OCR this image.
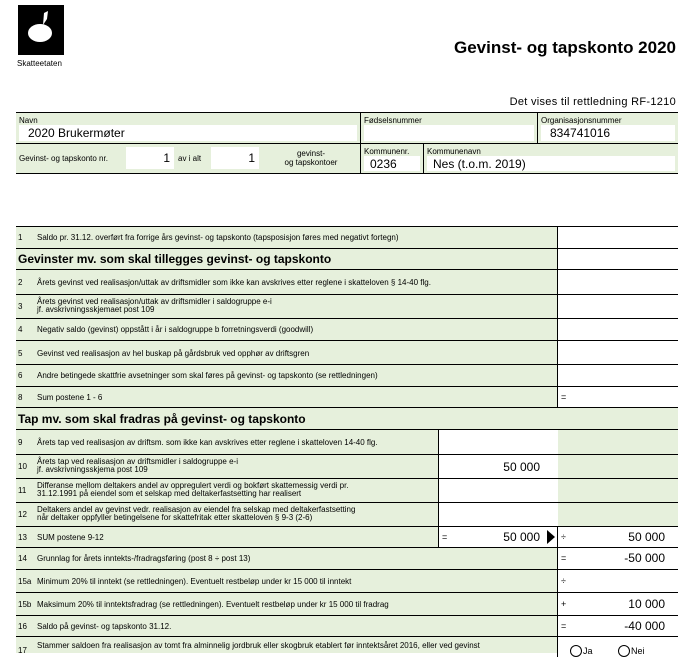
Skatteetaten
Gevinst- og tapskonto 2020
Det vises til rettledning RF-1210
Navn
2020 Brukermøter
Fødselsnummer	Organisasjonsnummer
834741016
Gevinst- og tapskonto nr.	1 av i alt	1	gevinst-
og tapskontoer
Kommunenr.
0236
Kommunenavn
Nes (t.o.m. 2019)
1 Saldo pr. 31.12. overført fra forrige års gevinst- og tapskonto (tapsposisjon føres med negativt fortegn)
Gevinster mv. som skal tillegges gevinst- og tapskonto
2 Årets gevinst ved realisasjon/uttak av driftsmidler som ikke kan avskrives etter reglene i skatteloven § 14-40 flg.
3
Årets gevinst ved realisasjon/uttak av driftsmidler i saldogruppe e-i
jf. avskrivningsskjemaet post 109
4 Negativ saldo (gevinst) oppstått i år i saldogruppe b forretningsverdi (goodwill)
5 Gevinst ved realisasjon av hel buskap på gårdsbruk ved opphør av driftsgren
6 Andre betingede skattfrie avsetninger som skal føres på gevinst- og tapskonto (se rettledningen)
8 Sum postene 1 - 6	=
Tap mv. som skal fradras på gevinst- og tapskonto
9 Årets tap ved realisasjon av driftsm. som ikke kan avskrives etter reglene i skatteloven 14-40 flg.
10
Årets tap ved realisasjon av driftsmidler i saldogruppe e-i
jf. avskrivningsskjema post 109	50 000
11
Differanse mellom deltakers andel av oppregulert verdi og bokført skattemessig verdi pr.
31.12.1991 på eiendel som et selskap med deltakerfastsetting har realisert
12
Deltakers andel av gevinst vedr. realisasjon av eiendel fra selskap med deltakerfastsetting
når deltaker oppfyller betingelsene for skattefritak etter skatteloven § 9-3 (2-6)
13 SUM postene 9-12	=	50 000 ÷	50 000
14 Grunnlag for årets inntekts-/fradragsføring (post 8 ÷ post 13)	=	-50 000
15a Minimum 20% til inntekt (se rettledningen). Eventuelt restbeløp under kr 15 000 til inntekt	÷
15b Maksimum 20% til inntektsfradrag (se rettledningen). Eventuelt restbeløp under kr 15 000 til fradrag	+	10 000
16 Saldo på gevinst- og tapskonto 31.12.	=	-40 000
17
Stammer saldoen fra realisasjon av tomt fra alminnelig jordbruk eller skogbruk etablert før inntektsåret 2016, eller ved gevinst
Ja	Nei
